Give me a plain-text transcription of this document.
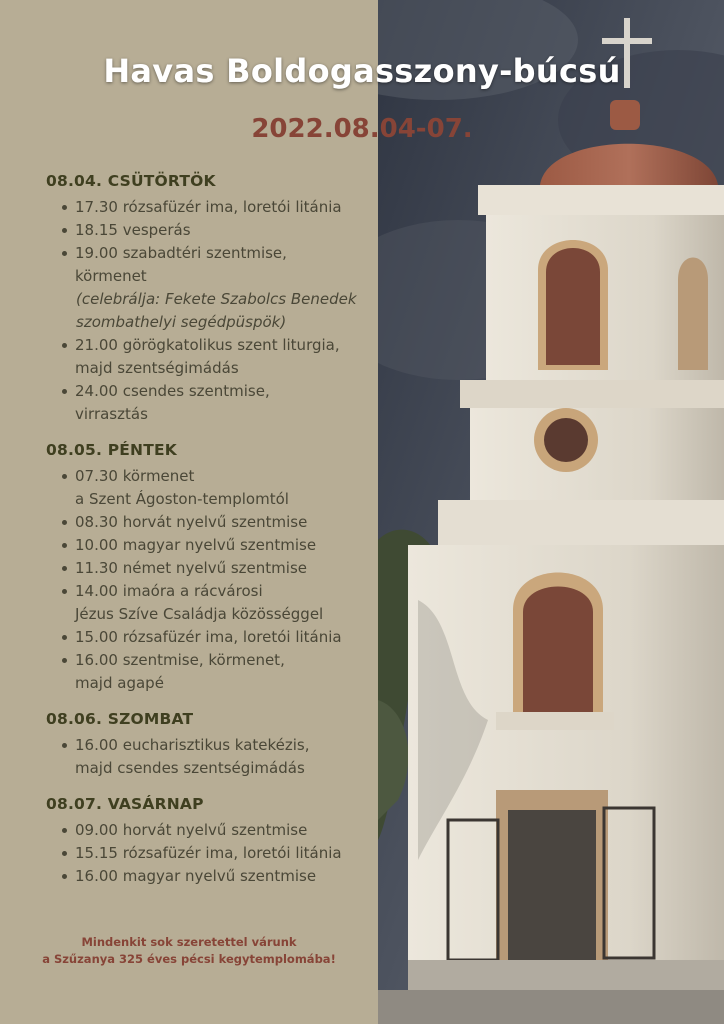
Havas Boldogasszony-búcsú
2022.08.04-07.
08.04. CSÜTÖRTÖK
17.30 rózsafüzér ima, loretói litánia
18.15 vesperás
19.00 szabadtéri szentmise,
körmenet
(celebrálja: Fekete Szabolcs Benedek
szombathelyi segédpüspök)
21.00 görögkatolikus szent liturgia,
majd szentségimádás
24.00 csendes szentmise,
virrasztás
08.05. PÉNTEK
07.30 körmenet
a Szent Ágoston-templomtól
08.30 horvát nyelvű szentmise
10.00 magyar nyelvű szentmise
11.30 német nyelvű szentmise
14.00 imaóra a rácvárosi
Jézus Szíve Családja közösséggel
15.00 rózsafüzér ima, loretói litánia
16.00 szentmise, körmenet,
majd agapé
08.06. SZOMBAT
16.00 eucharisztikus katekézis,
majd csendes szentségimádás
08.07. VASÁRNAP
09.00 horvát nyelvű szentmise
15.15 rózsafüzér ima, loretói litánia
16.00 magyar nyelvű szentmise
Mindenkit sok szeretettel várunk
a Szűzanya 325 éves pécsi kegytemplomába!
